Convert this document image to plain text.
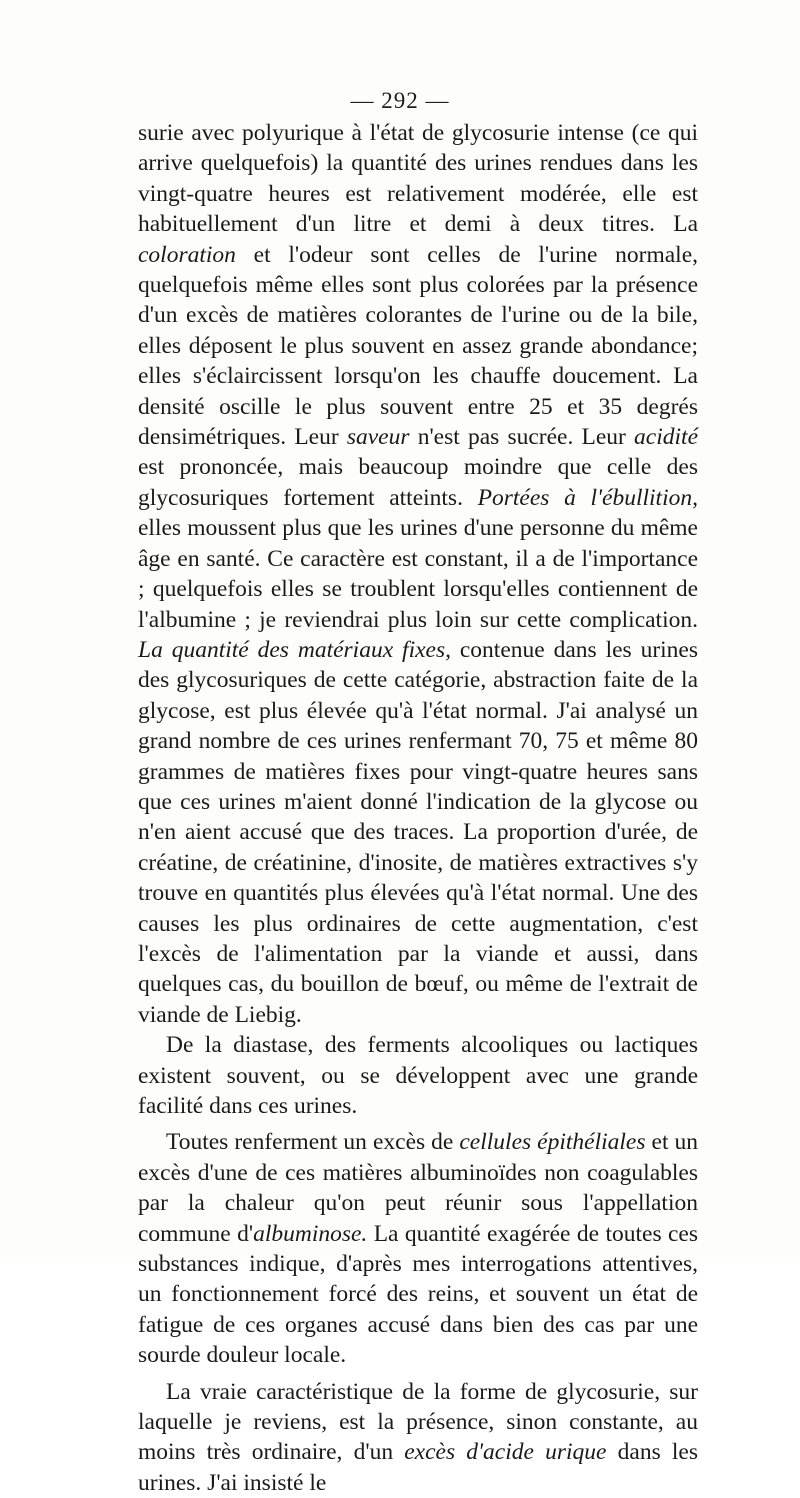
— 292 —

surie avec polyurique à l'état de glycosurie intense (ce qui arrive quelquefois) la quantité des urines rendues dans les vingt-quatre heures est relativement modérée, elle est habituellement d'un litre et demi à deux titres. La coloration et l'odeur sont celles de l'urine normale, quelquefois même elles sont plus colorées par la présence d'un excès de matières colorantes de l'urine ou de la bile, elles déposent le plus souvent en assez grande abondance; elles s'éclaircissent lorsqu'on les chauffe doucement. La densité oscille le plus souvent entre 25 et 35 degrés densimétriques. Leur saveur n'est pas sucrée. Leur acidité est prononcée, mais beaucoup moindre que celle des glycosuriques fortement atteints. Portées à l'ébullition, elles moussent plus que les urines d'une personne du même âge en santé. Ce caractère est constant, il a de l'importance ; quelquefois elles se troublent lorsqu'elles contiennent de l'albumine ; je reviendrai plus loin sur cette complication. La quantité des matériaux fixes, contenue dans les urines des glycosuriques de cette catégorie, abstraction faite de la glycose, est plus élevée qu'à l'état normal. J'ai analysé un grand nombre de ces urines renfermant 70, 75 et même 80 grammes de matières fixes pour vingt-quatre heures sans que ces urines m'aient donné l'indication de la glycose ou n'en aient accusé que des traces. La proportion d'urée, de créatine, de créatinine, d'inosite, de matières extractives s'y trouve en quantités plus élevées qu'à l'état normal. Une des causes les plus ordinaires de cette augmentation, c'est l'excès de l'alimentation par la viande et aussi, dans quelques cas, du bouillon de bœuf, ou même de l'extrait de viande de Liebig.

De la diastase, des ferments alcooliques ou lactiques existent souvent, ou se développent avec une grande facilité dans ces urines.

Toutes renferment un excès de cellules épithéliales et un excès d'une de ces matières albuminoïdes non coagulables par la chaleur qu'on peut réunir sous l'appellation commune d'albuminose. La quantité exagérée de toutes ces substances indique, d'après mes interrogations attentives, un fonctionnement forcé des reins, et souvent un état de fatigue de ces organes accusé dans bien des cas par une sourde douleur locale.

La vraie caractéristique de la forme de glycosurie, sur laquelle je reviens, est la présence, sinon constante, au moins très ordinaire, d'un excès d'acide urique dans les urines. J'ai insisté le
